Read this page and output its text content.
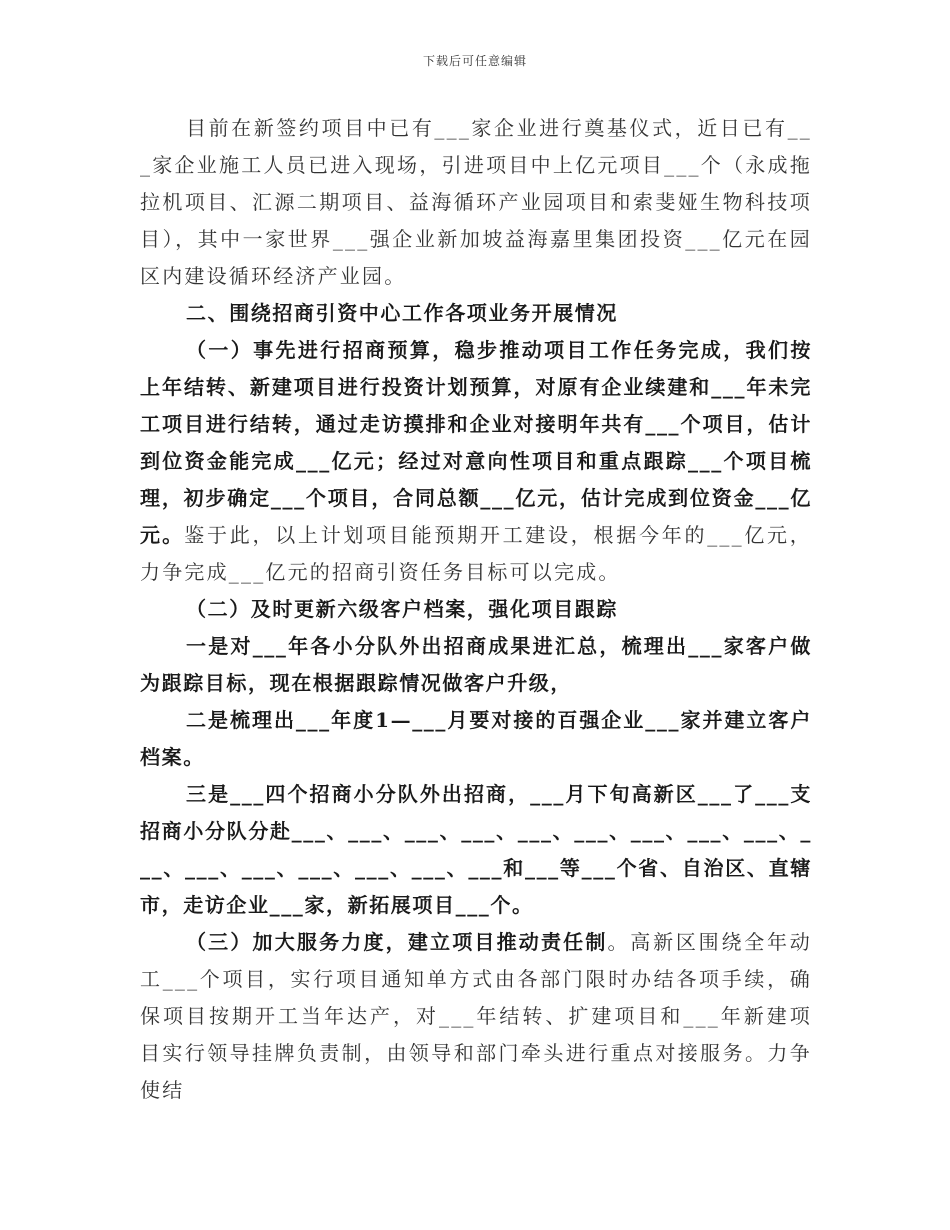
下载后可任意编辑

目前在新签约项目中已有___家企业进行奠基仪式，近日已有___家企业施工人员已进入现场，引进项目中上亿元项目___个（永成拖拉机项目、汇源二期项目、益海循环产业园项目和索斐娅生物科技项目），其中一家世界___强企业新加坡益海嘉里集团投资___亿元在园区内建设循环经济产业园。

二、围绕招商引资中心工作各项业务开展情况

（一）事先进行招商预算，稳步推动项目工作任务完成，我们按上年结转、新建项目进行投资计划预算，对原有企业续建和___年未完工项目进行结转，通过走访摸排和企业对接明年共有___个项目，估计到位资金能完成___亿元；经过对意向性项目和重点跟踪___个项目梳理，初步确定___个项目，合同总额___亿元，估计完成到位资金___亿元。鉴于此，以上计划项目能预期开工建设，根据今年的___亿元，力争完成___亿元的招商引资任务目标可以完成。

（二）及时更新六级客户档案，强化项目跟踪

一是对___年各小分队外出招商成果进汇总，梳理出___家客户做为跟踪目标，现在根据跟踪情况做客户升级，

二是梳理出___年度1—___月要对接的百强企业___家并建立客户档案。

三是___四个招商小分队外出招商，___月下旬高新区___了___支招商小分队分赴___、___、___、___、___、___、___、___、___、___、___、___、___、___、___、___和___等___个省、自治区、直辖市，走访企业___家，新拓展项目___个。

（三）加大服务力度，建立项目推动责任制。高新区围绕全年动工___个项目，实行项目通知单方式由各部门限时办结各项手续，确保项目按期开工当年达产，对___年结转、扩建项目和___年新建项目实行领导挂牌负责制，由领导和部门牵头进行重点对接服务。力争使结
